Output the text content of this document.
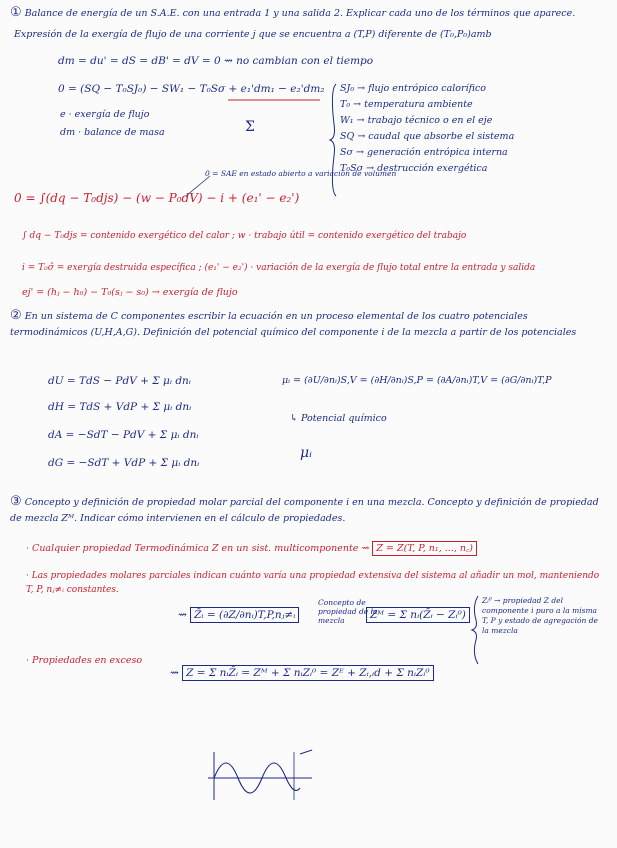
① Balance de energía de un S.A.E. con una entrada 1 y una salida 2. Explicar cada uno de los términos que aparece.
Expresión de la exergía de flujo de una corriente j que se encuentra a (T,P) diferente de (T₀,P₀)amb
dm = du' = dS = dB' = dV = 0 ⇝ no cambian con el tiempo
0 = (SQ − T₀SJ₀) − SW₁ − T₀Sσ + e₁'dm₁ − e₂'dm₂
e · exergía de flujo
dm · balance de masa	Σ
SJ₀ → flujo entrópico calorífico
T₀ → temperatura ambiente
W₁ → trabajo técnico o en el eje
SQ → caudal que absorbe el sistema
Sσ → generación entrópica interna
T₀Sσ → destrucción exergética
0 = SAE en estado abierto a variación de volumen
0 = ∫(dq − T₀djs) − (w − P₀dV) − i + (e₁' − e₂')
∫ dq − T₀djs = contenido exergético del calor ; w · trabajo útil = contenido exergético del trabajo
i = T₀σ̂ = exergía destruida específica ; (e₁' − e₂') · variación de la exergía de flujo total entre la entrada y salida
ej' = (hⱼ − h₀) − T₀(sⱼ − s₀) → exergía de flujo
② En un sistema de C componentes escribir la ecuación en un proceso elemental de los cuatro potenciales termodinámicos (U,H,A,G). Definición del potencial químico del componente i de la mezcla a partir de los potenciales
dU = TdS − PdV + Σ μᵢ dnᵢ
dH = TdS + VdP + Σ μᵢ dnᵢ
dA = −SdT − PdV + Σ μᵢ dnᵢ
dG = −SdT + VdP + Σ μᵢ dnᵢ
μᵢ = (∂U/∂nᵢ)S,V = (∂H/∂nᵢ)S,P = (∂A/∂nᵢ)T,V = (∂G/∂nᵢ)T,P
↳ Potencial químico
μᵢ
③ Concepto y definición de propiedad molar parcial del componente i en una mezcla. Concepto y definición de propiedad de mezcla Zᴹ. Indicar cómo intervienen en el cálculo de propiedades.
· Cualquier propiedad Termodinámica Z en un sist. multicomponente ⇝ Z = Z(T, P, n₁, ..., n꜀)
· Las propiedades molares parciales indican cuánto varía una propiedad extensiva del sistema al añadir un mol, manteniendo T, P, nⱼ≠ᵢ constantes.
⇝ Z̄ᵢ = (∂Z/∂nᵢ)T,P,nⱼ≠ᵢ
Concepto de propiedad de la mezcla	Zᴹ = Σ nᵢ(Z̄ᵢ − Zᵢ⁰)
Zᵢ⁰ → propiedad Z del componente i puro a la misma T, P y estado de agregación de la mezcla
· Propiedades en exceso
⇝ Z = Σ nᵢZ̄ᵢ = Zᴹ + Σ nᵢZᵢ⁰ = Zᴱ + Zᵢ,ᵢd + Σ nᵢZᵢ⁰
